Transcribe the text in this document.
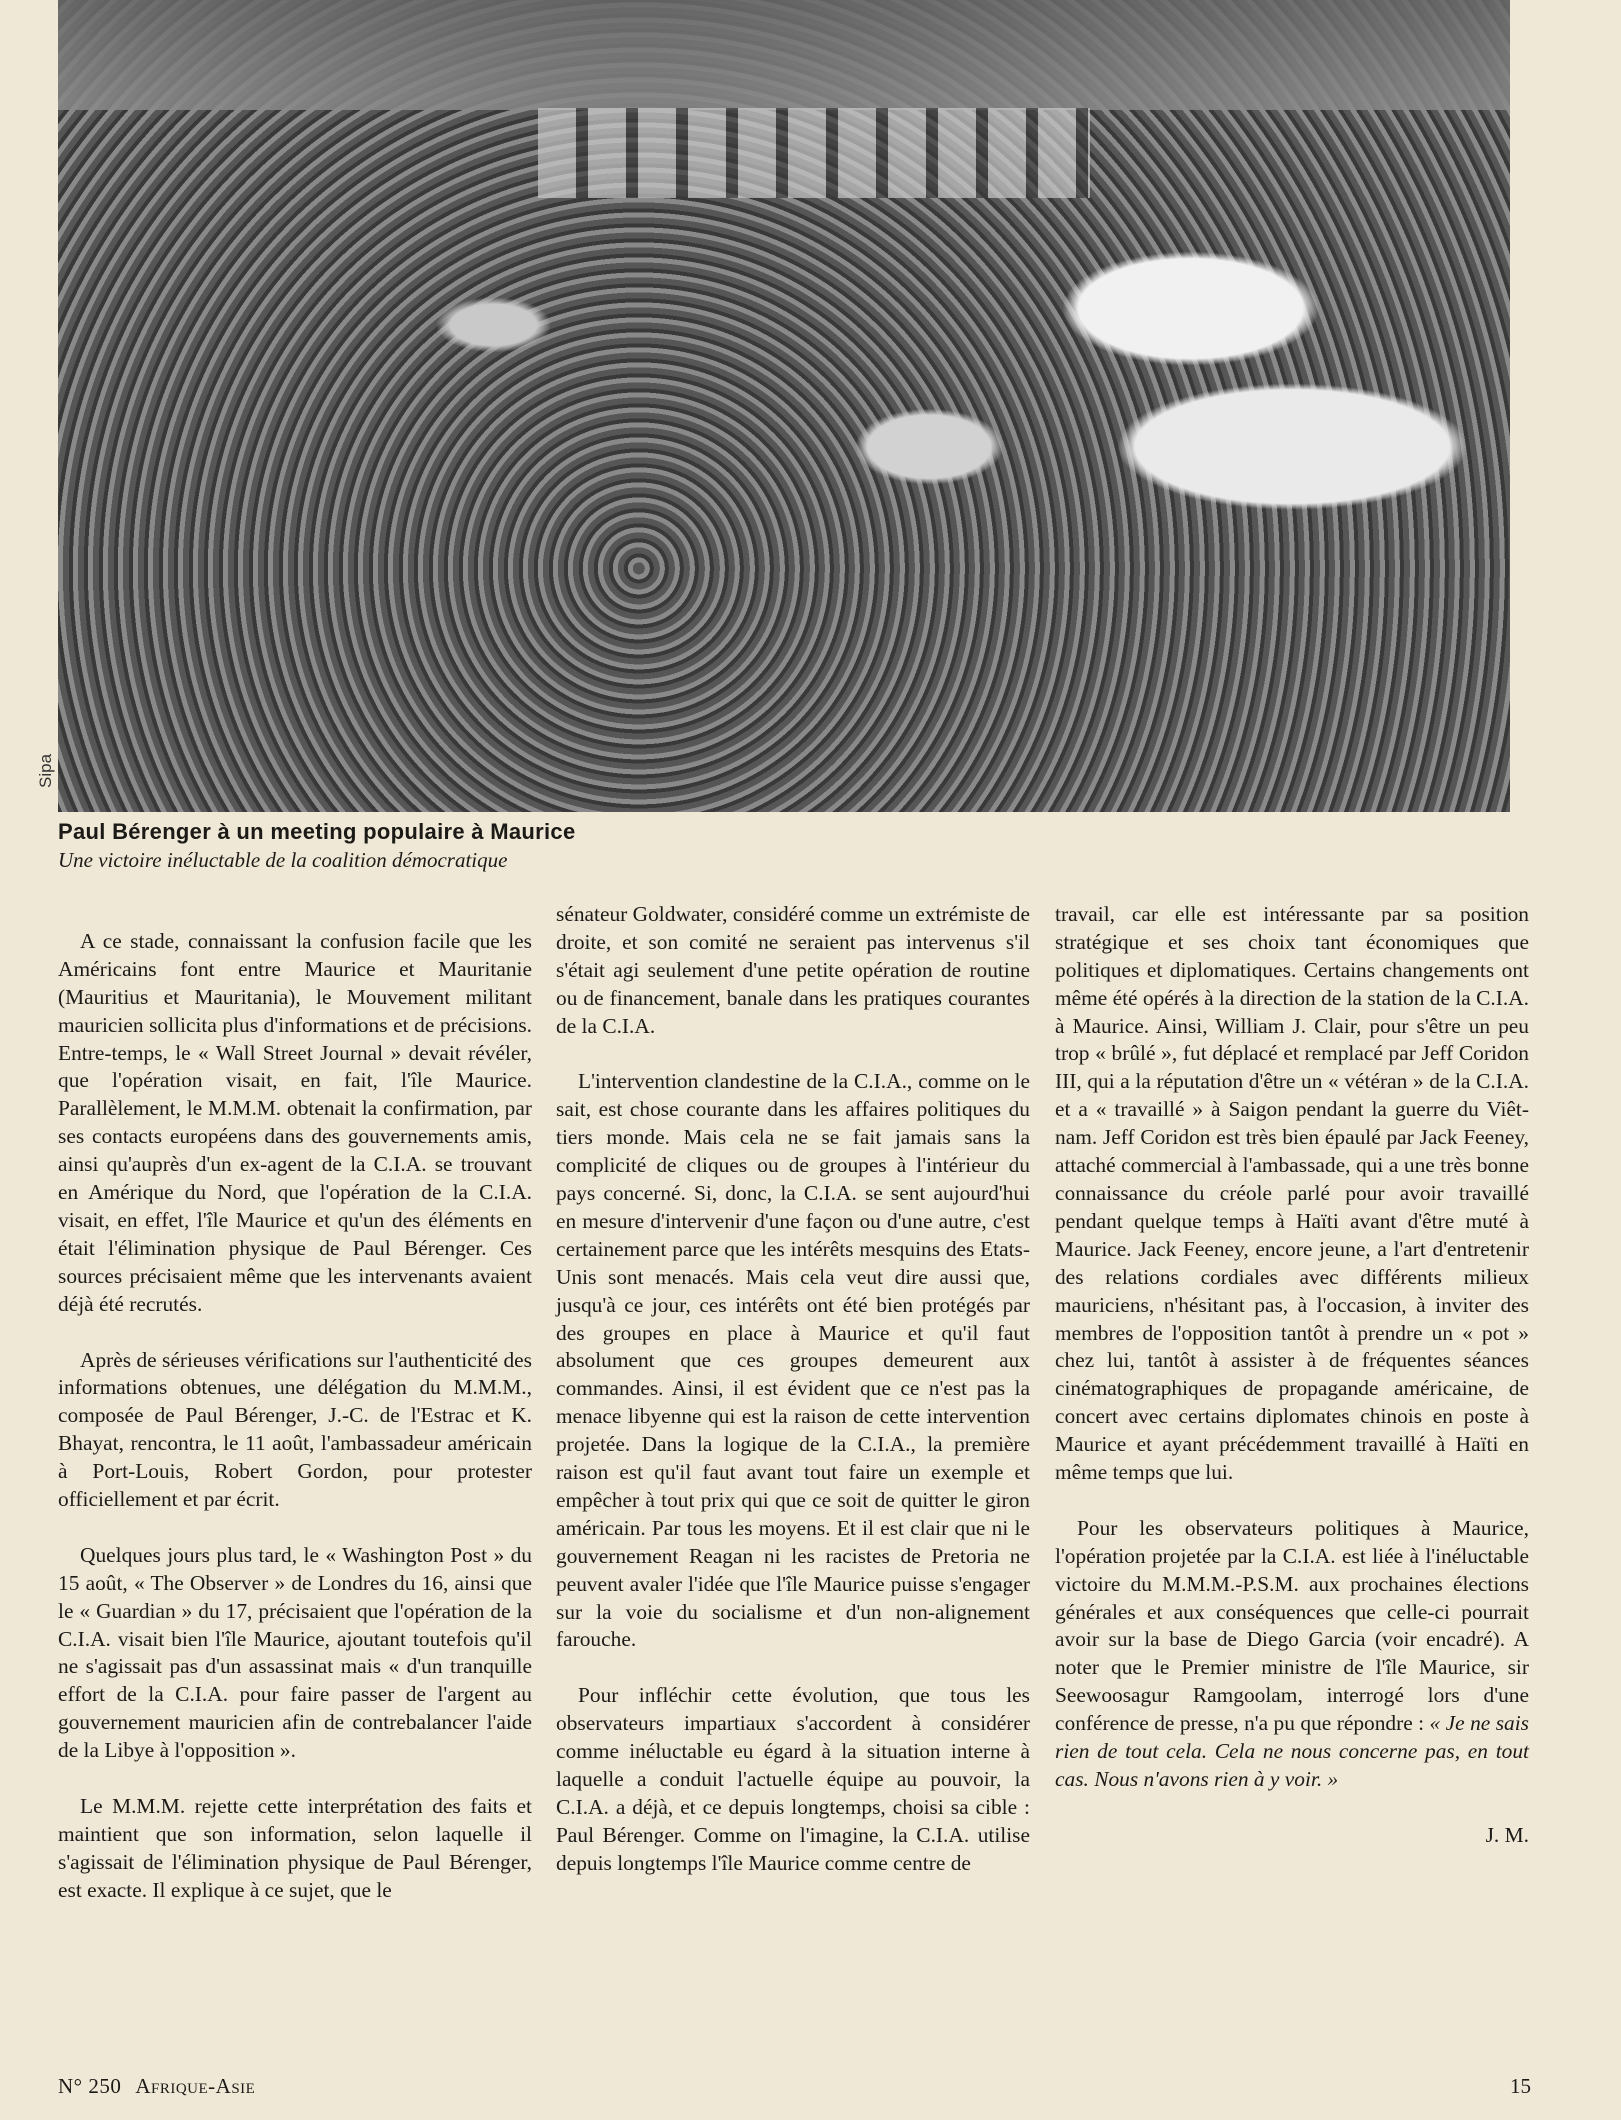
Sipa
Paul Bérenger à un meeting populaire à Maurice
Une victoire inéluctable de la coalition démocratique

A ce stade, connaissant la confusion facile que les Américains font entre Maurice et Mauritanie (Mauritius et Mauritania), le Mouvement militant mauricien sollicita plus d'informations et de précisions. Entre-temps, le « Wall Street Journal » devait révéler, que l'opération visait, en fait, l'île Maurice. Parallèlement, le M.M.M. obtenait la confirmation, par ses contacts européens dans des gouvernements amis, ainsi qu'auprès d'un ex-agent de la C.I.A. se trouvant en Amérique du Nord, que l'opération de la C.I.A. visait, en effet, l'île Maurice et qu'un des éléments en était l'élimination physique de Paul Bérenger. Ces sources précisaient même que les intervenants avaient déjà été recrutés.

Après de sérieuses vérifications sur l'authenticité des informations obtenues, une délégation du M.M.M., composée de Paul Bérenger, J.-C. de l'Estrac et K. Bhayat, rencontra, le 11 août, l'ambassadeur américain à Port-Louis, Robert Gordon, pour protester officiellement et par écrit.

Quelques jours plus tard, le « Washington Post » du 15 août, « The Observer » de Londres du 16, ainsi que le « Guardian » du 17, précisaient que l'opération de la C.I.A. visait bien l'île Maurice, ajoutant toutefois qu'il ne s'agissait pas d'un assassinat mais « d'un tranquille effort de la C.I.A. pour faire passer de l'argent au gouvernement mauricien afin de contrebalancer l'aide de la Libye à l'opposition ».

Le M.M.M. rejette cette interprétation des faits et maintient que son information, selon laquelle il s'agissait de l'élimination physique de Paul Bérenger, est exacte. Il explique à ce sujet, que le

sénateur Goldwater, considéré comme un extrémiste de droite, et son comité ne seraient pas intervenus s'il s'était agi seulement d'une petite opération de routine ou de financement, banale dans les pratiques courantes de la C.I.A.

L'intervention clandestine de la C.I.A., comme on le sait, est chose courante dans les affaires politiques du tiers monde. Mais cela ne se fait jamais sans la complicité de cliques ou de groupes à l'intérieur du pays concerné. Si, donc, la C.I.A. se sent aujourd'hui en mesure d'intervenir d'une façon ou d'une autre, c'est certainement parce que les intérêts mesquins des Etats-Unis sont menacés. Mais cela veut dire aussi que, jusqu'à ce jour, ces intérêts ont été bien protégés par des groupes en place à Maurice et qu'il faut absolument que ces groupes demeurent aux commandes. Ainsi, il est évident que ce n'est pas la menace libyenne qui est la raison de cette intervention projetée. Dans la logique de la C.I.A., la première raison est qu'il faut avant tout faire un exemple et empêcher à tout prix qui que ce soit de quitter le giron américain. Par tous les moyens. Et il est clair que ni le gouvernement Reagan ni les racistes de Pretoria ne peuvent avaler l'idée que l'île Maurice puisse s'engager sur la voie du socialisme et d'un non-alignement farouche.

Pour infléchir cette évolution, que tous les observateurs impartiaux s'accordent à considérer comme inéluctable eu égard à la situation interne à laquelle a conduit l'actuelle équipe au pouvoir, la C.I.A. a déjà, et ce depuis longtemps, choisi sa cible : Paul Bérenger. Comme on l'imagine, la C.I.A. utilise depuis longtemps l'île Maurice comme centre de

travail, car elle est intéressante par sa position stratégique et ses choix tant économiques que politiques et diplomatiques. Certains changements ont même été opérés à la direction de la station de la C.I.A. à Maurice. Ainsi, William J. Clair, pour s'être un peu trop « brûlé », fut déplacé et remplacé par Jeff Coridon III, qui a la réputation d'être un « vétéran » de la C.I.A. et a « travaillé » à Saigon pendant la guerre du Viêt-nam. Jeff Coridon est très bien épaulé par Jack Feeney, attaché commercial à l'ambassade, qui a une très bonne connaissance du créole parlé pour avoir travaillé pendant quelque temps à Haïti avant d'être muté à Maurice. Jack Feeney, encore jeune, a l'art d'entretenir des relations cordiales avec différents milieux mauriciens, n'hésitant pas, à l'occasion, à inviter des membres de l'opposition tantôt à prendre un « pot » chez lui, tantôt à assister à de fréquentes séances cinématographiques de propagande américaine, de concert avec certains diplomates chinois en poste à Maurice et ayant précédemment travaillé à Haïti en même temps que lui.

Pour les observateurs politiques à Maurice, l'opération projetée par la C.I.A. est liée à l'inéluctable victoire du M.M.M.-P.S.M. aux prochaines élections générales et aux conséquences que celle-ci pourrait avoir sur la base de Diego Garcia (voir encadré). A noter que le Premier ministre de l'île Maurice, sir Seewoosagur Ramgoolam, interrogé lors d'une conférence de presse, n'a pu que répondre : « Je ne sais rien de tout cela. Cela ne nous concerne pas, en tout cas. Nous n'avons rien à y voir. »

J. M.

N° 250 Afrique-Asie	15
